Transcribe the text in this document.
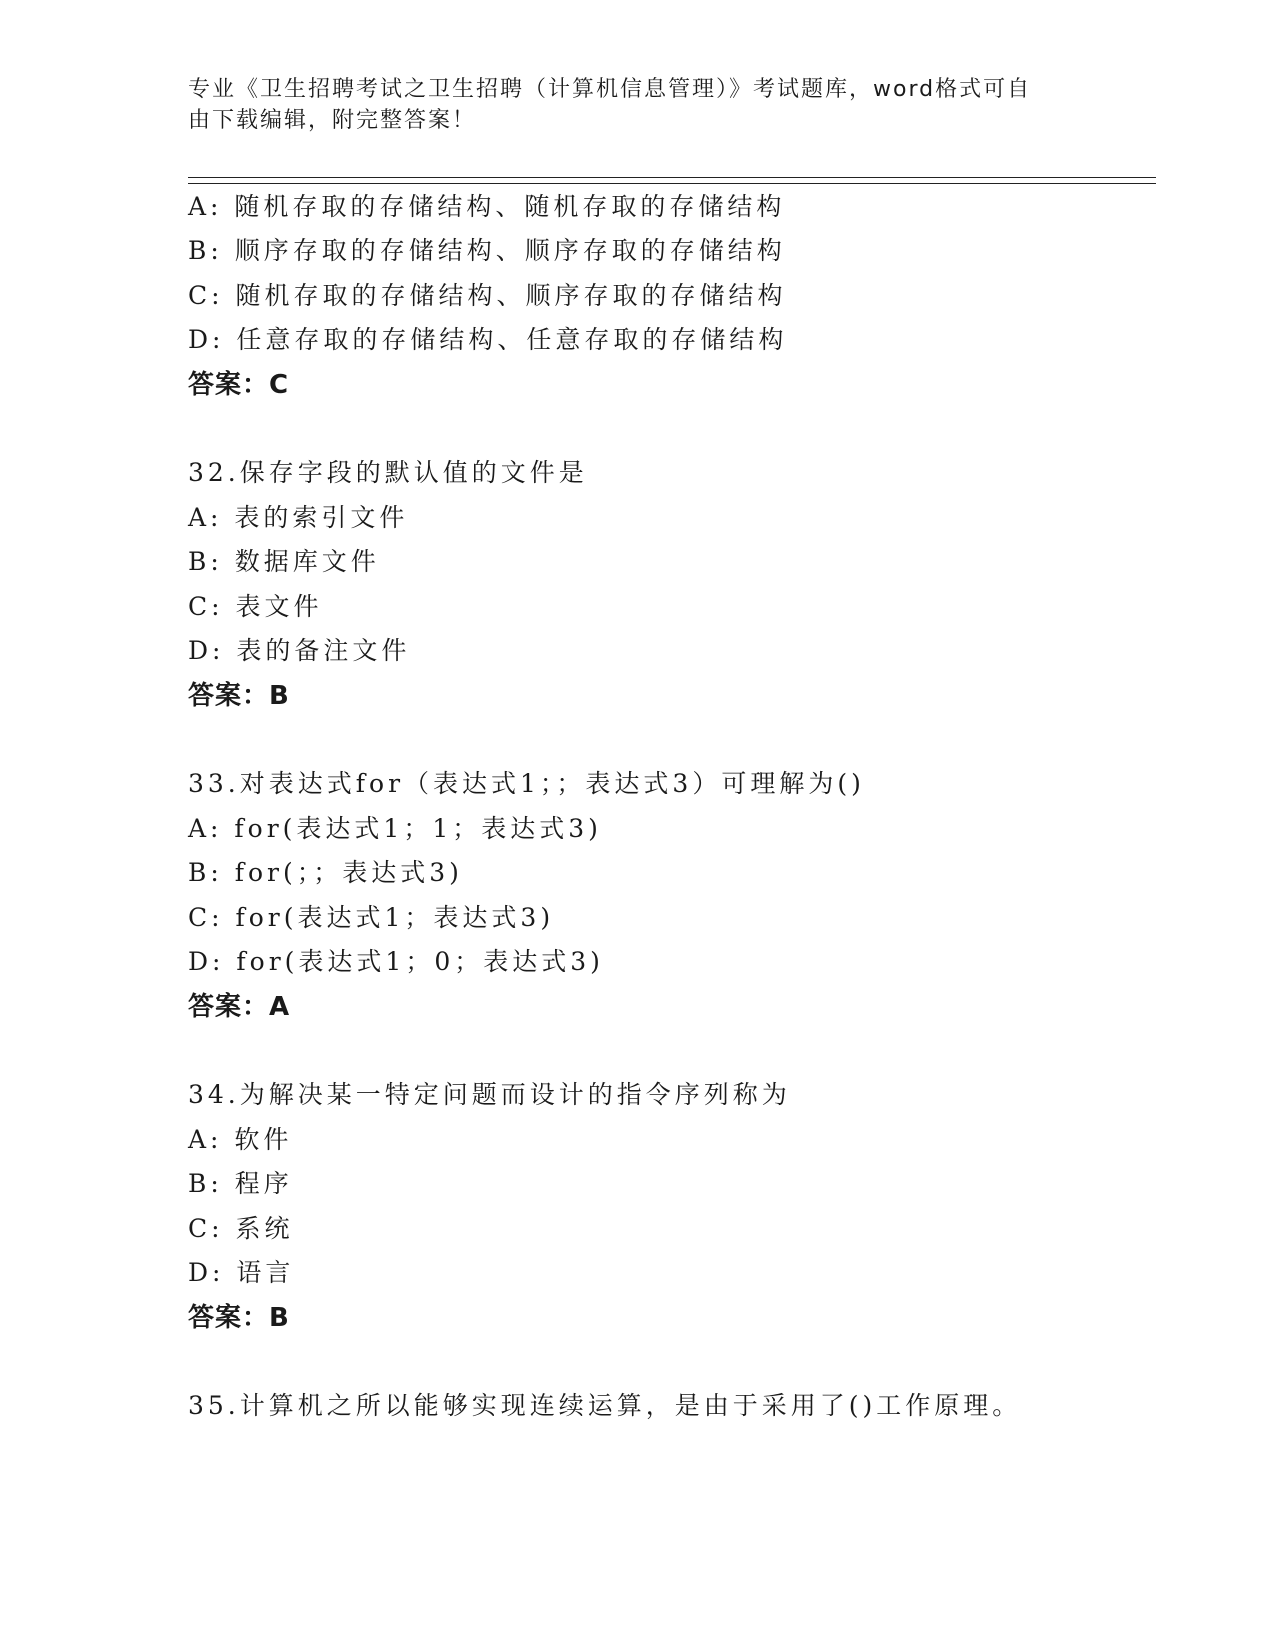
专业《卫生招聘考试之卫生招聘（计算机信息管理）》考试题库，word格式可自
由下载编辑，附完整答案！
A: 随机存取的存储结构、随机存取的存储结构
B: 顺序存取的存储结构、顺序存取的存储结构
C: 随机存取的存储结构、顺序存取的存储结构
D: 任意存取的存储结构、任意存取的存储结构
答案：C
32.保存字段的默认值的文件是
A: 表的索引文件
B: 数据库文件
C: 表文件
D: 表的备注文件
答案：B
33.对表达式for（表达式1；；表达式3）可理解为()
A: for(表达式1；1；表达式3)
B: for(；；表达式3)
C: for(表达式1；表达式3)
D: for(表达式1；0；表达式3)
答案：A
34.为解决某一特定问题而设计的指令序列称为
A: 软件
B: 程序
C: 系统
D: 语言
答案：B
35.计算机之所以能够实现连续运算，是由于采用了()工作原理。
